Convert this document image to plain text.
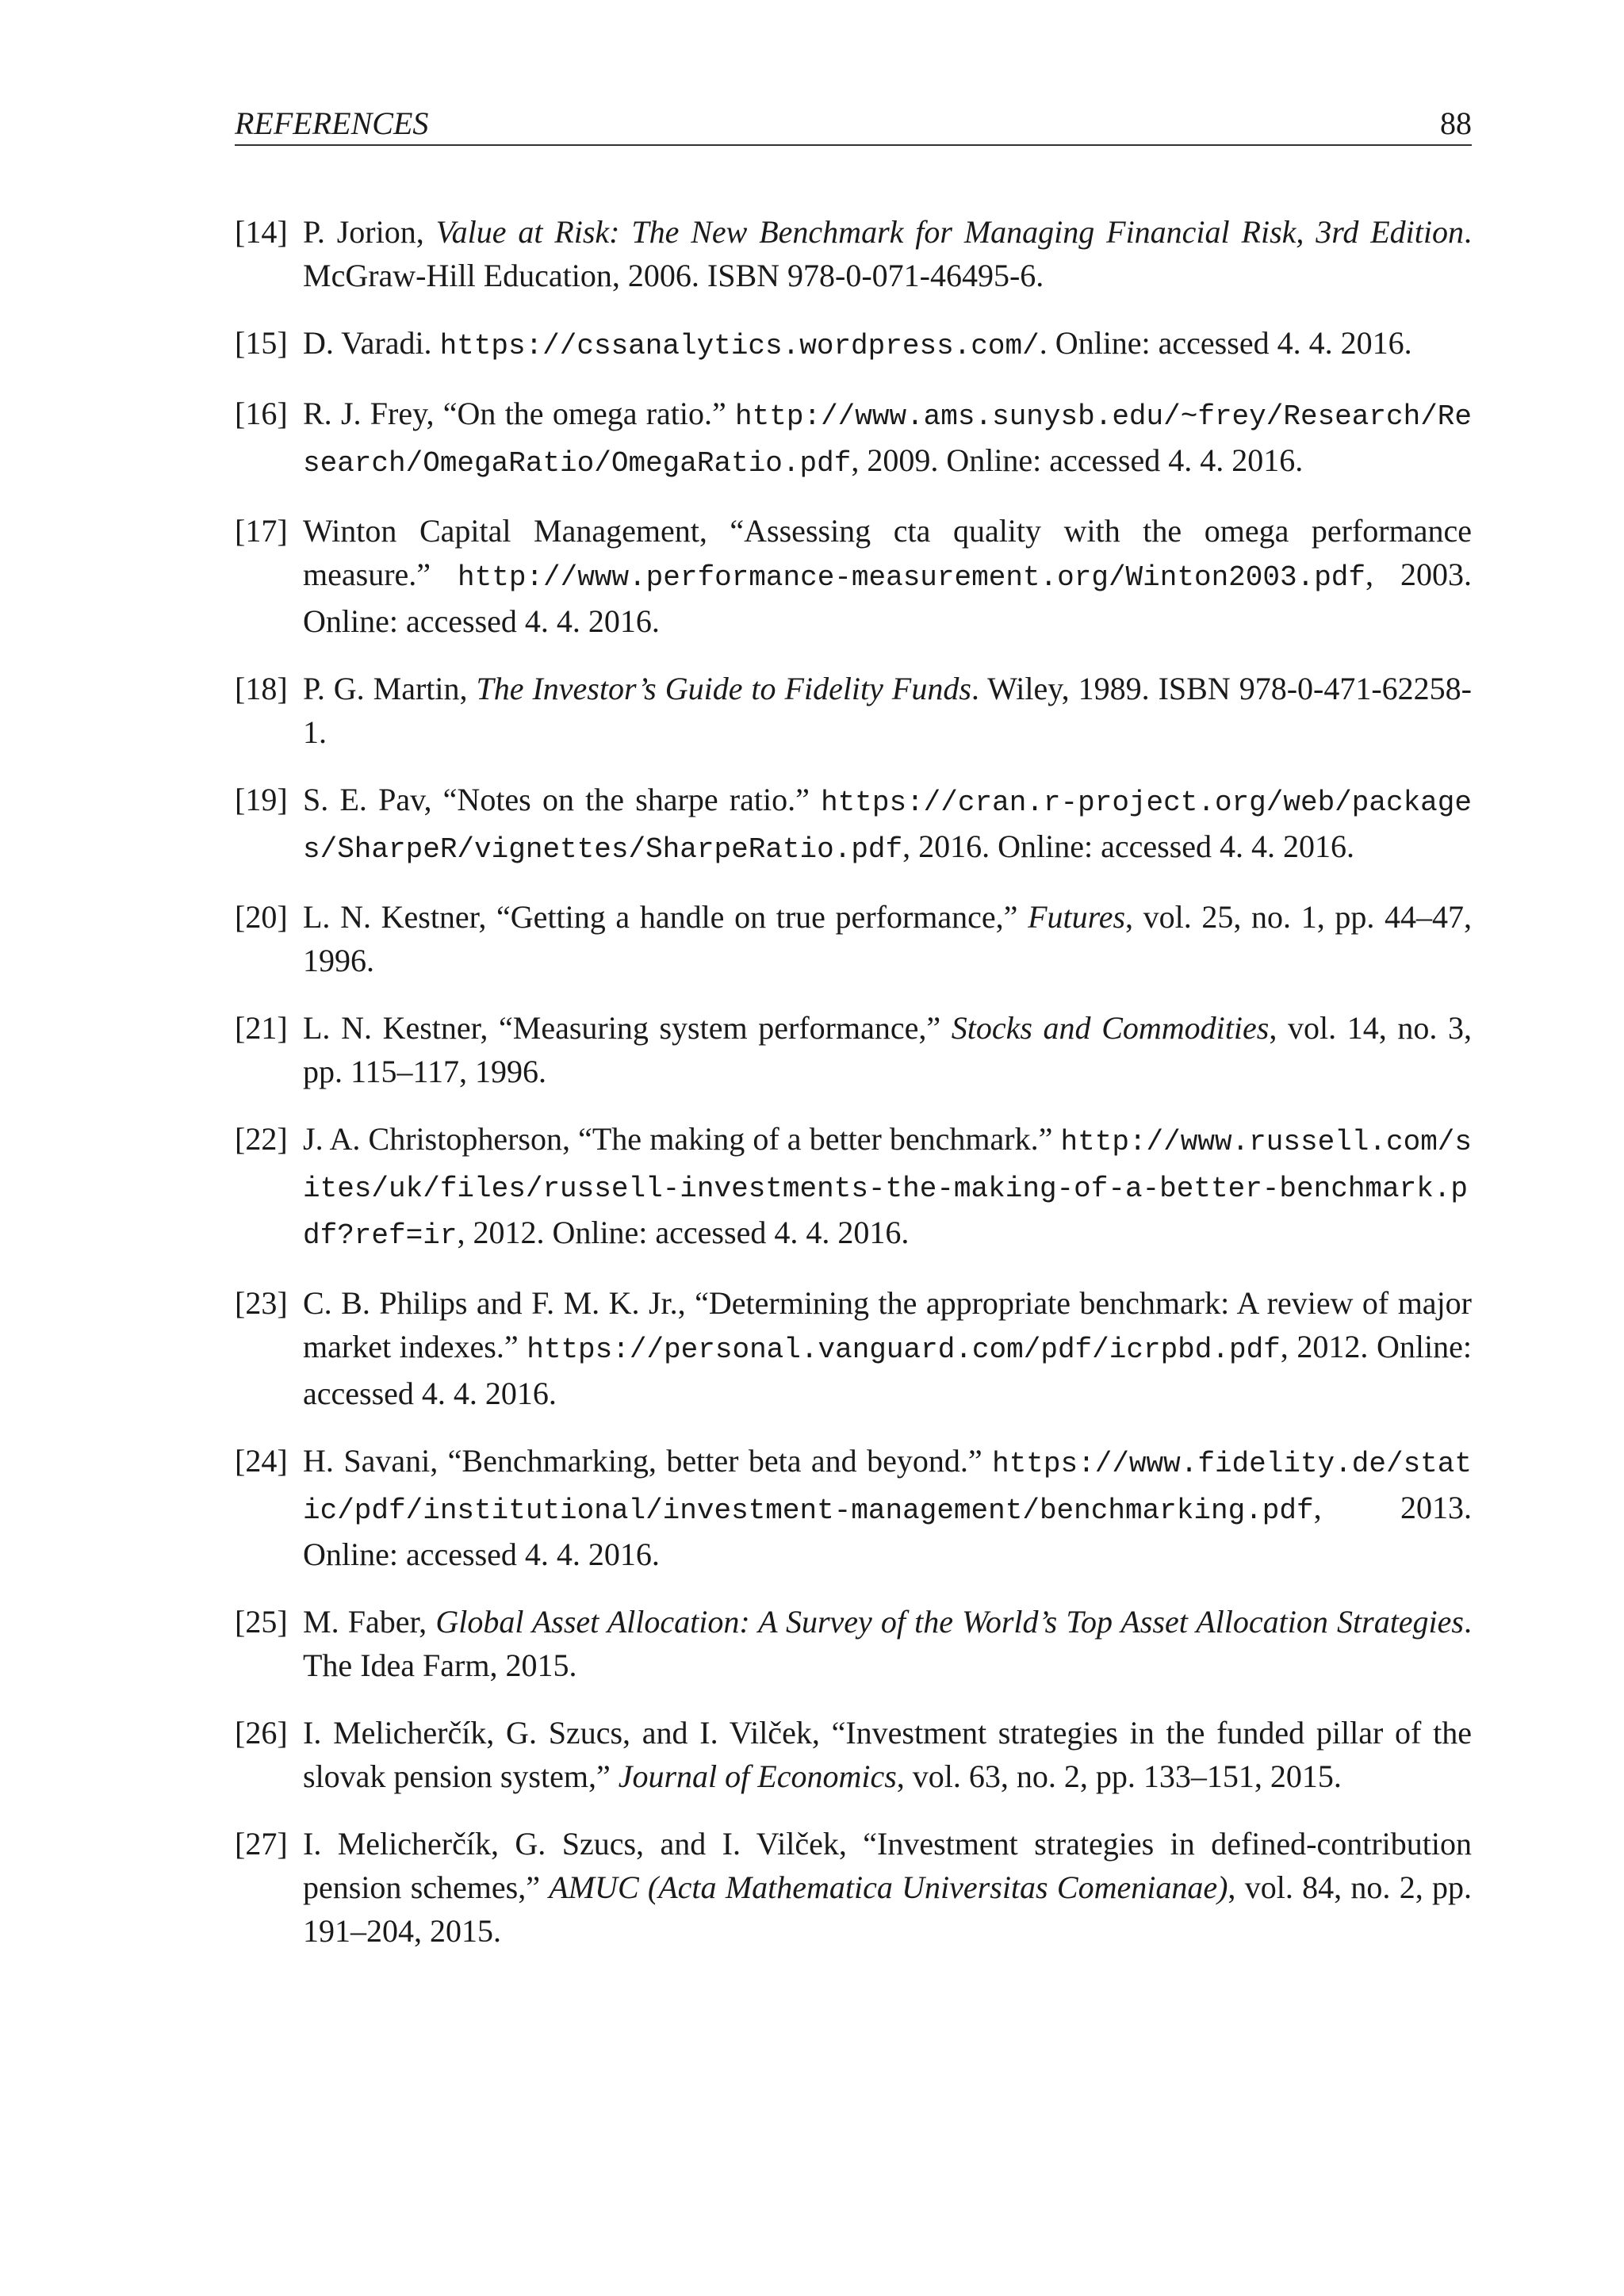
REFERENCES	88
[14] P. Jorion, Value at Risk: The New Benchmark for Managing Financial Risk, 3rd Edition. McGraw-Hill Education, 2006. ISBN 978-0-071-46495-6.
[15] D. Varadi. https://cssanalytics.wordpress.com/. Online: accessed 4. 4. 2016.
[16] R. J. Frey, “On the omega ratio.” http://www.ams.sunysb.edu/~frey/Research/Research/OmegaRatio/OmegaRatio.pdf, 2009. Online: accessed 4. 4. 2016.
[17] Winton Capital Management, “Assessing cta quality with the omega performance measure.” http://www.performance-measurement.org/Winton2003.pdf, 2003. Online: accessed 4. 4. 2016.
[18] P. G. Martin, The Investor’s Guide to Fidelity Funds. Wiley, 1989. ISBN 978-0-471-62258-1.
[19] S. E. Pav, “Notes on the sharpe ratio.” https://cran.r-project.org/web/packages/SharpeR/vignettes/SharpeRatio.pdf, 2016. Online: accessed 4. 4. 2016.
[20] L. N. Kestner, “Getting a handle on true performance,” Futures, vol. 25, no. 1, pp. 44–47, 1996.
[21] L. N. Kestner, “Measuring system performance,” Stocks and Commodities, vol. 14, no. 3, pp. 115–117, 1996.
[22] J. A. Christopherson, “The making of a better benchmark.” http://www.russell.com/sites/uk/files/russell-investments-the-making-of-a-better-benchmark.pdf?ref=ir, 2012. Online: accessed 4. 4. 2016.
[23] C. B. Philips and F. M. K. Jr., “Determining the appropriate benchmark: A review of major market indexes.” https://personal.vanguard.com/pdf/icrpbd.pdf, 2012. Online: accessed 4. 4. 2016.
[24] H. Savani, “Benchmarking, better beta and beyond.” https://www.fidelity.de/static/pdf/institutional/investment-management/benchmarking.pdf, 2013. Online: accessed 4. 4. 2016.
[25] M. Faber, Global Asset Allocation: A Survey of the World’s Top Asset Allocation Strategies. The Idea Farm, 2015.
[26] I. Melicherčík, G. Szucs, and I. Vilček, “Investment strategies in the funded pillar of the slovak pension system,” Journal of Economics, vol. 63, no. 2, pp. 133–151, 2015.
[27] I. Melicherčík, G. Szucs, and I. Vilček, “Investment strategies in defined-contribution pension schemes,” AMUC (Acta Mathematica Universitas Comenianae), vol. 84, no. 2, pp. 191–204, 2015.
